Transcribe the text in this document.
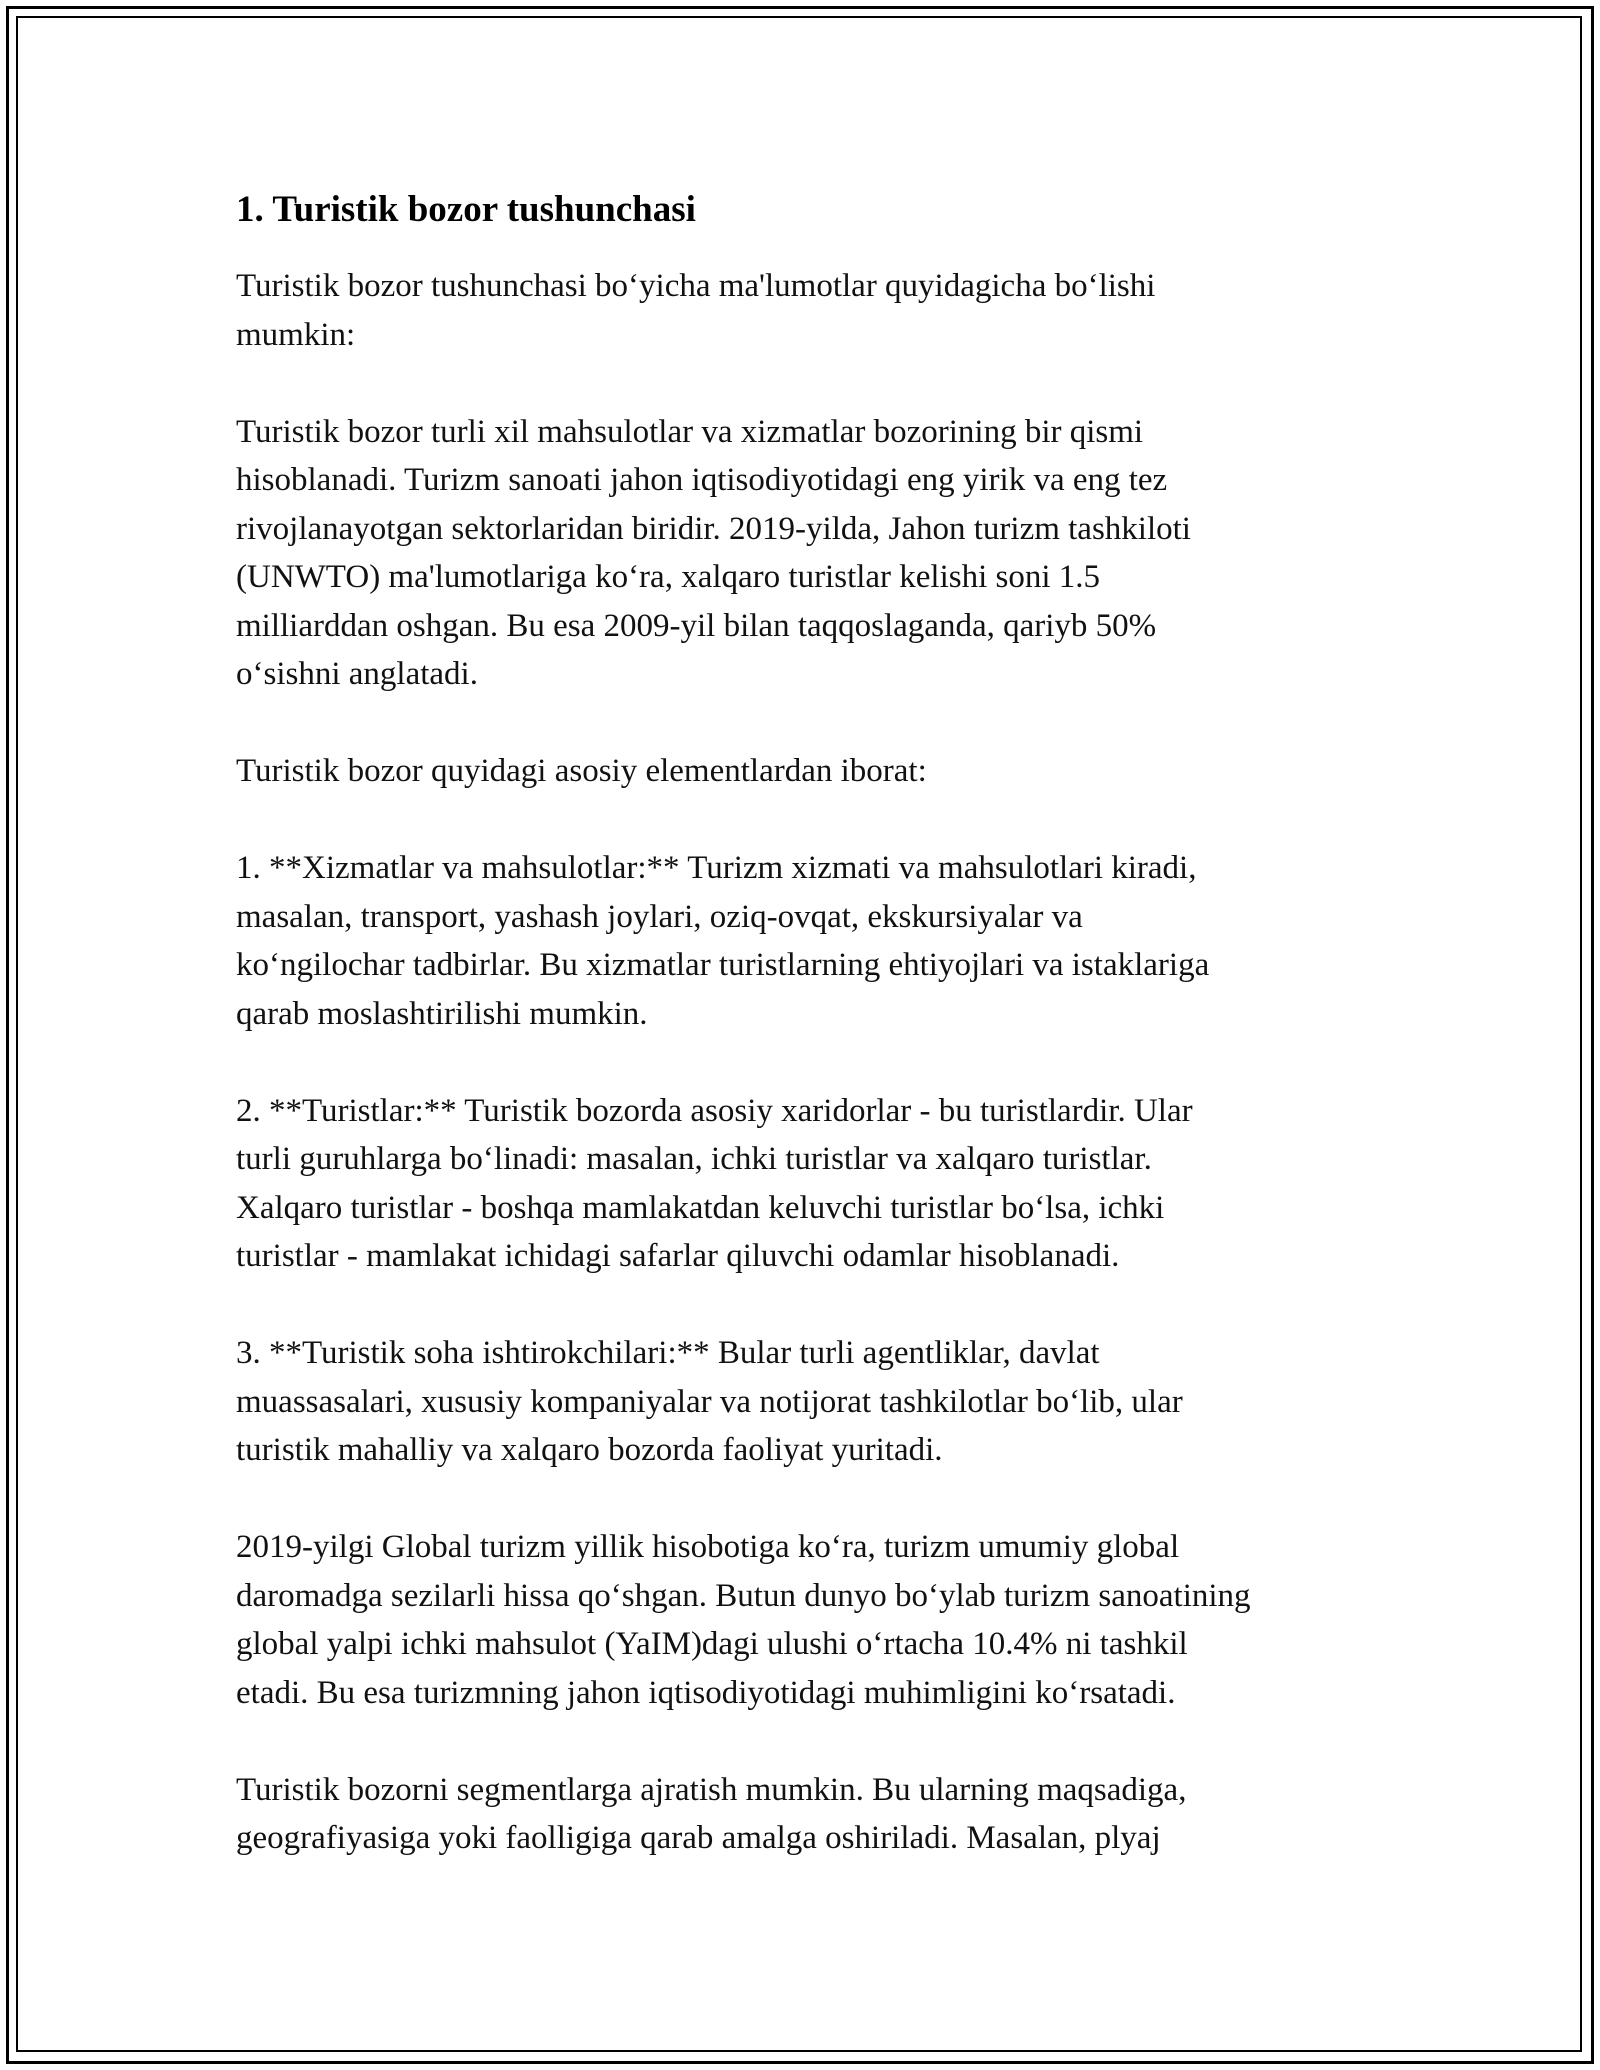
1. Turistik bozor tushunchasi

Turistik bozor tushunchasi bo‘yicha ma'lumotlar quyidagicha bo‘lishi
mumkin:

Turistik bozor turli xil mahsulotlar va xizmatlar bozorining bir qismi
hisoblanadi. Turizm sanoati jahon iqtisodiyotidagi eng yirik va eng tez
rivojlanayotgan sektorlaridan biridir. 2019-yilda, Jahon turizm tashkiloti
(UNWTO) ma'lumotlariga ko‘ra, xalqaro turistlar kelishi soni 1.5
milliarddan oshgan. Bu esa 2009-yil bilan taqqoslaganda, qariyb 50%
o‘sishni anglatadi.

Turistik bozor quyidagi asosiy elementlardan iborat:

1. **Xizmatlar va mahsulotlar:** Turizm xizmati va mahsulotlari kiradi,
masalan, transport, yashash joylari, oziq-ovqat, ekskursiyalar va
ko‘ngilochar tadbirlar. Bu xizmatlar turistlarning ehtiyojlari va istaklariga
qarab moslashtirilishi mumkin.

2. **Turistlar:** Turistik bozorda asosiy xaridorlar - bu turistlardir. Ular
turli guruhlarga bo‘linadi: masalan, ichki turistlar va xalqaro turistlar.
Xalqaro turistlar - boshqa mamlakatdan keluvchi turistlar bo‘lsa, ichki
turistlar - mamlakat ichidagi safarlar qiluvchi odamlar hisoblanadi.

3. **Turistik soha ishtirokchilari:** Bular turli agentliklar, davlat
muassasalari, xususiy kompaniyalar va notijorat tashkilotlar bo‘lib, ular
turistik mahalliy va xalqaro bozorda faoliyat yuritadi.

2019-yilgi Global turizm yillik hisobotiga ko‘ra, turizm umumiy global
daromadga sezilarli hissa qo‘shgan. Butun dunyo bo‘ylab turizm sanoatining
global yalpi ichki mahsulot (YaIM)dagi ulushi o‘rtacha 10.4% ni tashkil
etadi. Bu esa turizmning jahon iqtisodiyotidagi muhimligini ko‘rsatadi.

Turistik bozorni segmentlarga ajratish mumkin. Bu ularning maqsadiga,
geografiyasiga yoki faolligiga qarab amalga oshiriladi. Masalan, plyaj
